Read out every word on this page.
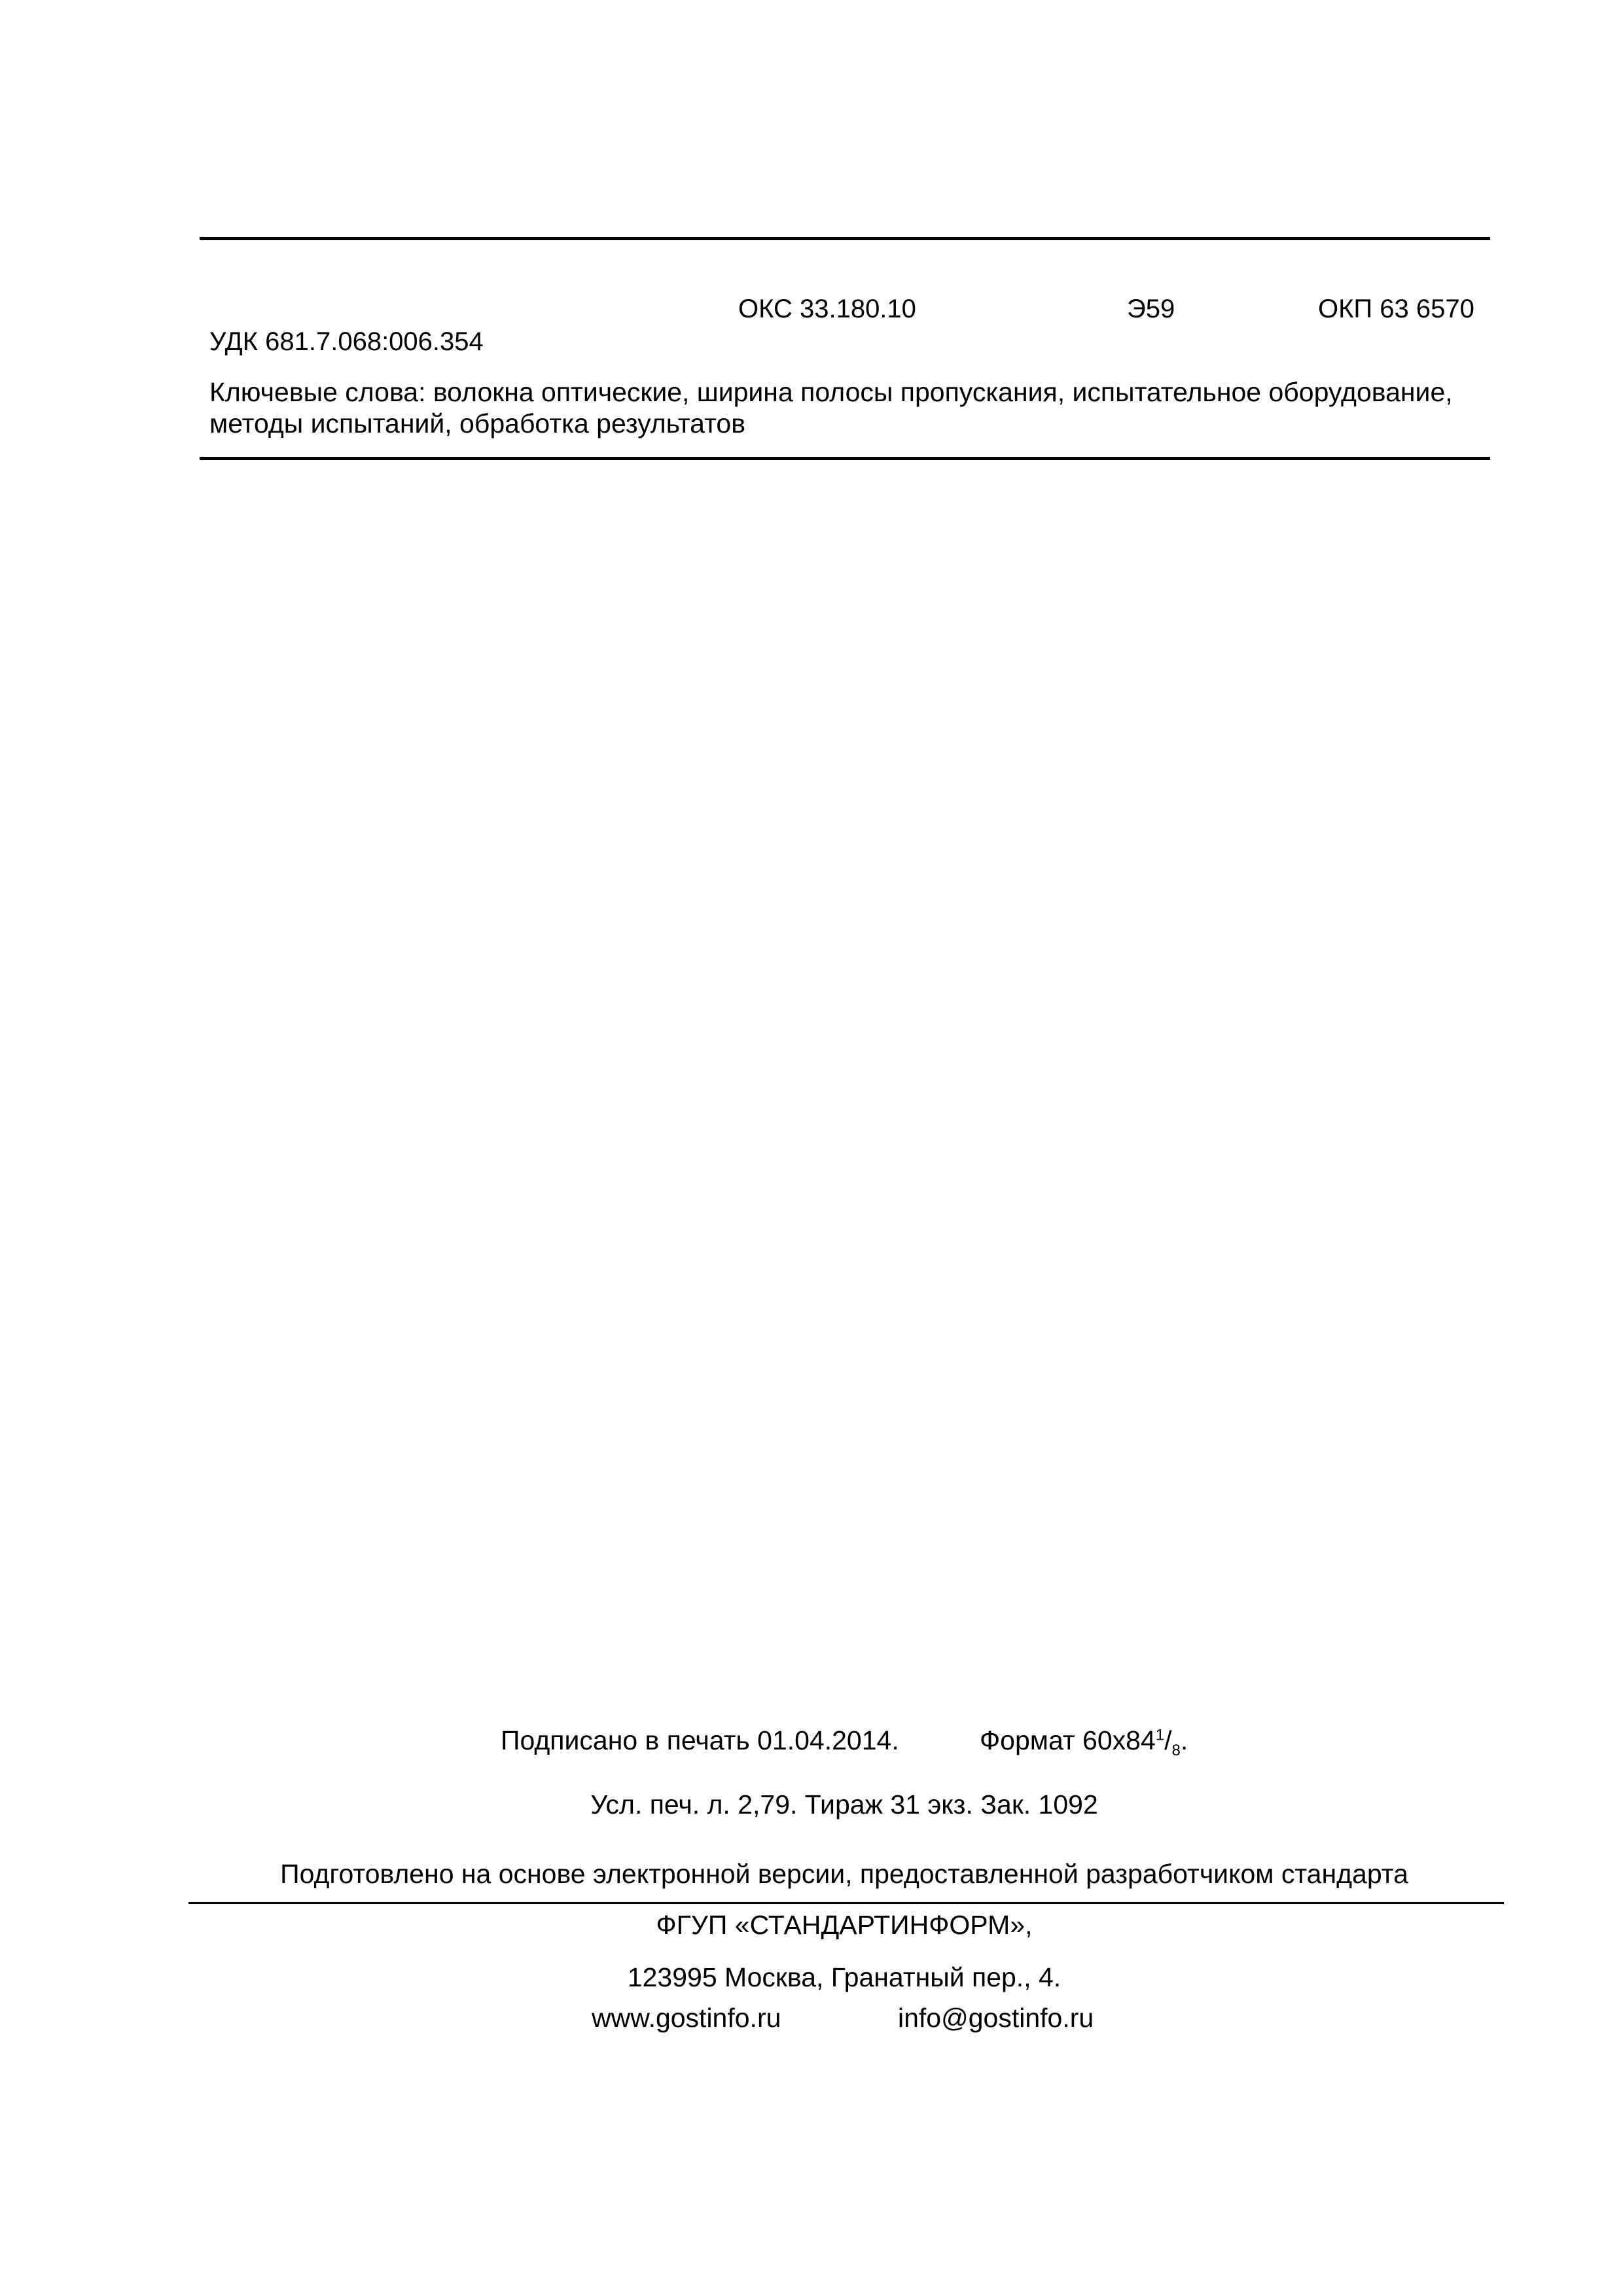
ОКС 33.180.10	Э59	ОКП 63 6570
УДК 681.7.068:006.354
Ключевые слова: волокна оптические, ширина полосы пропускания, испытательное оборудование,
методы испытаний, обработка результатов
Подписано в печать 01.04.2014.	Формат $60x84^1/_8$.
Усл. печ. л. 2,79. Тираж 31 экз. Зак. 1092
Подготовлено на основе электронной версии, предоставленной разработчиком стандарта
ФГУП «СТАНДАРТИНФОРМ»,
123995 Москва, Гранатный пер., 4.
www.gostinfo.ru	info@gostinfo.ru
